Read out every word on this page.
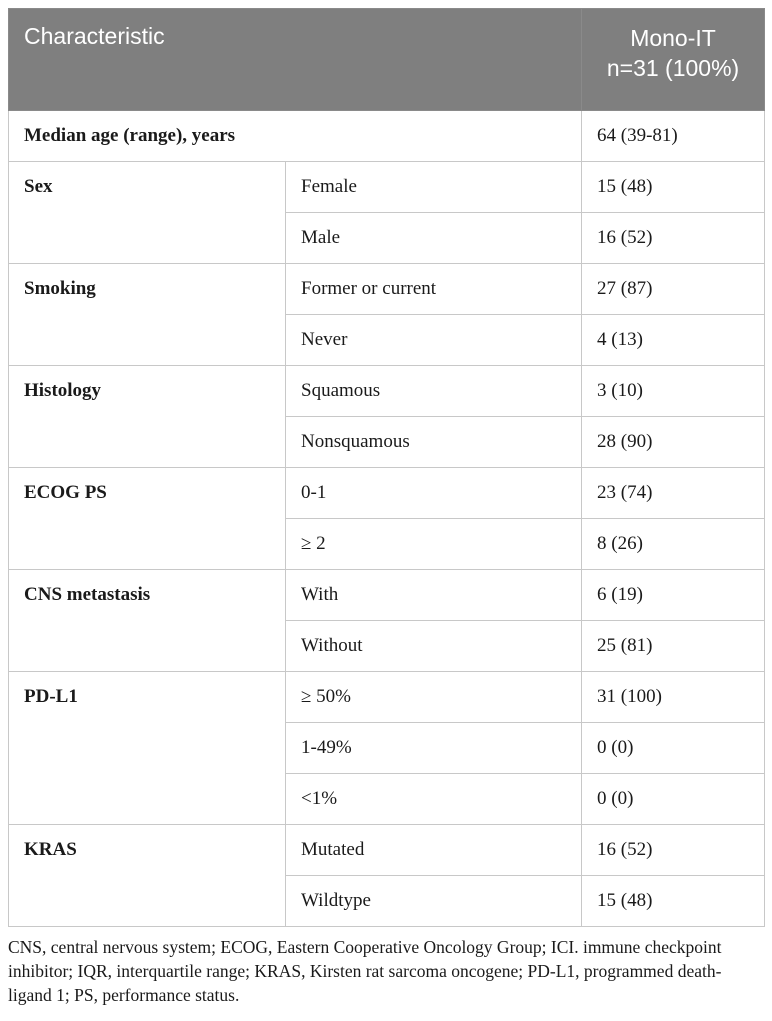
Characteristic		Mono-IT
n=31 (100%)

Median age (range), years		64 (39-81)
Sex	Female	15 (48)
	Male	16 (52)
Smoking	Former or current	27 (87)
	Never	4 (13)
Histology	Squamous	3 (10)
	Nonsquamous	28 (90)
ECOG PS	0-1	23 (74)
	≥ 2	8 (26)
CNS metastasis	With	6 (19)
	Without	25 (81)
PD-L1	≥ 50%	31 (100)
	1-49%	0 (0)
	<1%	0 (0)
KRAS	Mutated	16 (52)
	Wildtype	15 (48)

CNS, central nervous system; ECOG, Eastern Cooperative Oncology Group; ICI. immune checkpoint inhibitor; IQR, interquartile range; KRAS, Kirsten rat sarcoma oncogene; PD-L1, programmed death-ligand 1; PS, performance status.
